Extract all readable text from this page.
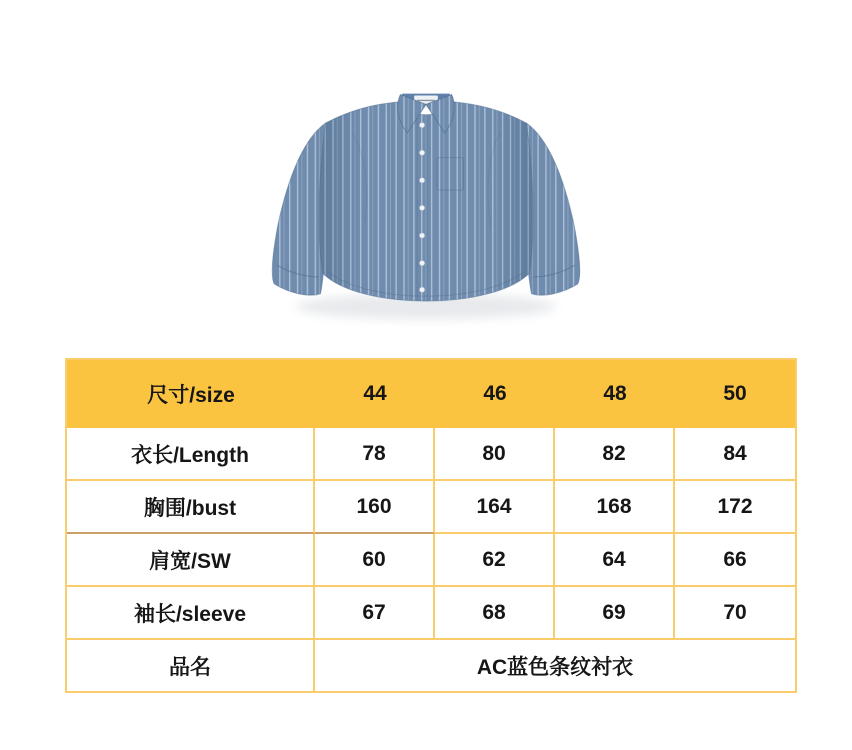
尺寸/size	44	46	48	50
衣长/Length	78	80	82	84
胸围/bust	160	164	168	172
肩宽/SW	60	62	64	66
袖长/sleeve	67	68	69	70
品名	AC蓝色条纹衬衣			
